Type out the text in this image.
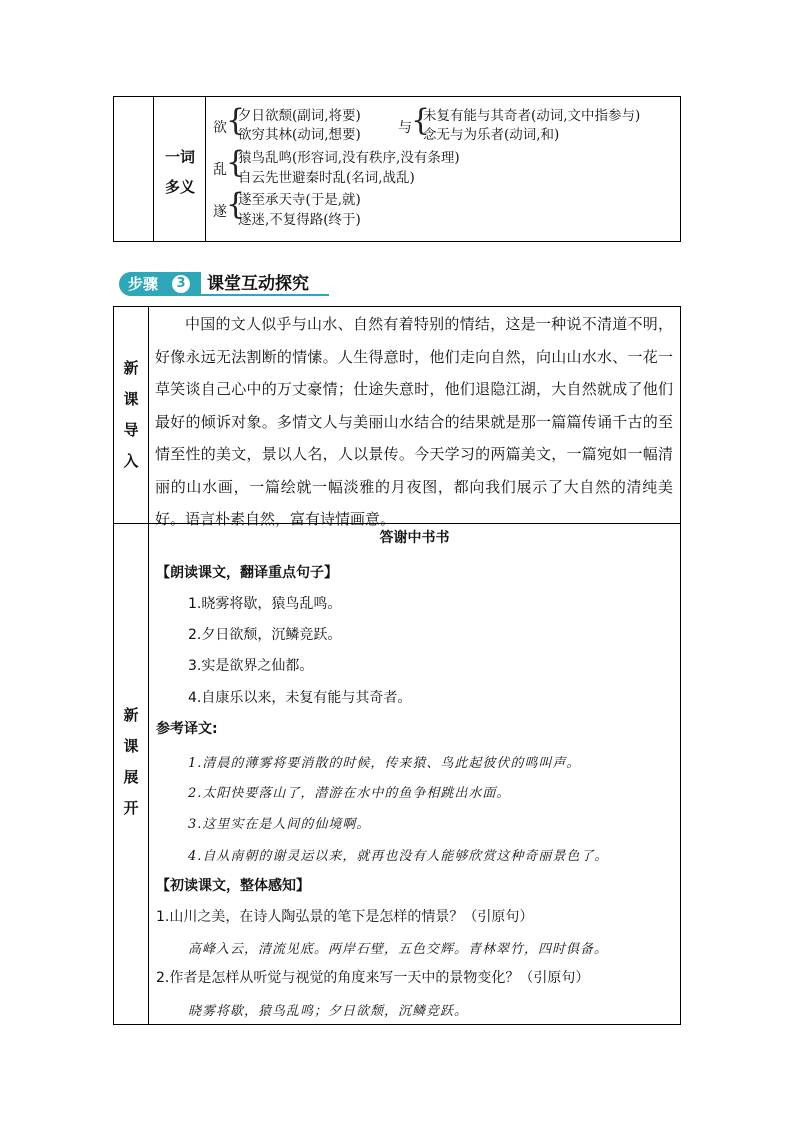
一词
多义
欲 {
夕日欲颓(副词,将要)
欲穷其林(动词,想要)	与 {
未复有能与其奇者(动词,文中指参与)
念无与为乐者(动词,和)
乱 {
猿鸟乱鸣(形容词,没有秩序,没有条理)
自云先世避秦时乱(名词,战乱)
遂 {
遂至承天寺(于是,就)
遂迷,不复得路(终于)
步骤	3 课堂互动探究
新
课
导
入
中国的文人似乎与山水、自然有着特别的情结，这是一种说不清道不明，好像永远无法割断的情愫。人生得意时，他们走向自然，向山山水水、一花一草笑谈自己心中的万丈豪情；仕途失意时，他们退隐江湖，大自然就成了他们最好的倾诉对象。多情文人与美丽山水结合的结果就是那一篇篇传诵千古的至情至性的美文，景以人名，人以景传。今天学习的两篇美文，一篇宛如一幅清丽的山水画，一篇绘就一幅淡雅的月夜图，都向我们展示了大自然的清纯美好。语言朴素自然，富有诗情画意。
新
课
展
开
答谢中书书
【朗读课文，翻译重点句子】
1.晓雾将歇，猿鸟乱鸣。
2.夕日欲颓，沉鳞竞跃。
3.实是欲界之仙都。
4.自康乐以来，未复有能与其奇者。
参考译文:
1.清晨的薄雾将要消散的时候，传来猿、鸟此起彼伏的鸣叫声。
2.太阳快要落山了，潜游在水中的鱼争相跳出水面。
3.这里实在是人间的仙境啊。
4.自从南朝的谢灵运以来，就再也没有人能够欣赏这种奇丽景色了。
【初读课文，整体感知】
1.山川之美，在诗人陶弘景的笔下是怎样的情景？（引原句）
高峰入云，清流见底。两岸石壁，五色交辉。青林翠竹，四时俱备。
2.作者是怎样从听觉与视觉的角度来写一天中的景物变化？（引原句）
晓雾将歇，猿鸟乱鸣；夕日欲颓，沉鳞竞跃。
